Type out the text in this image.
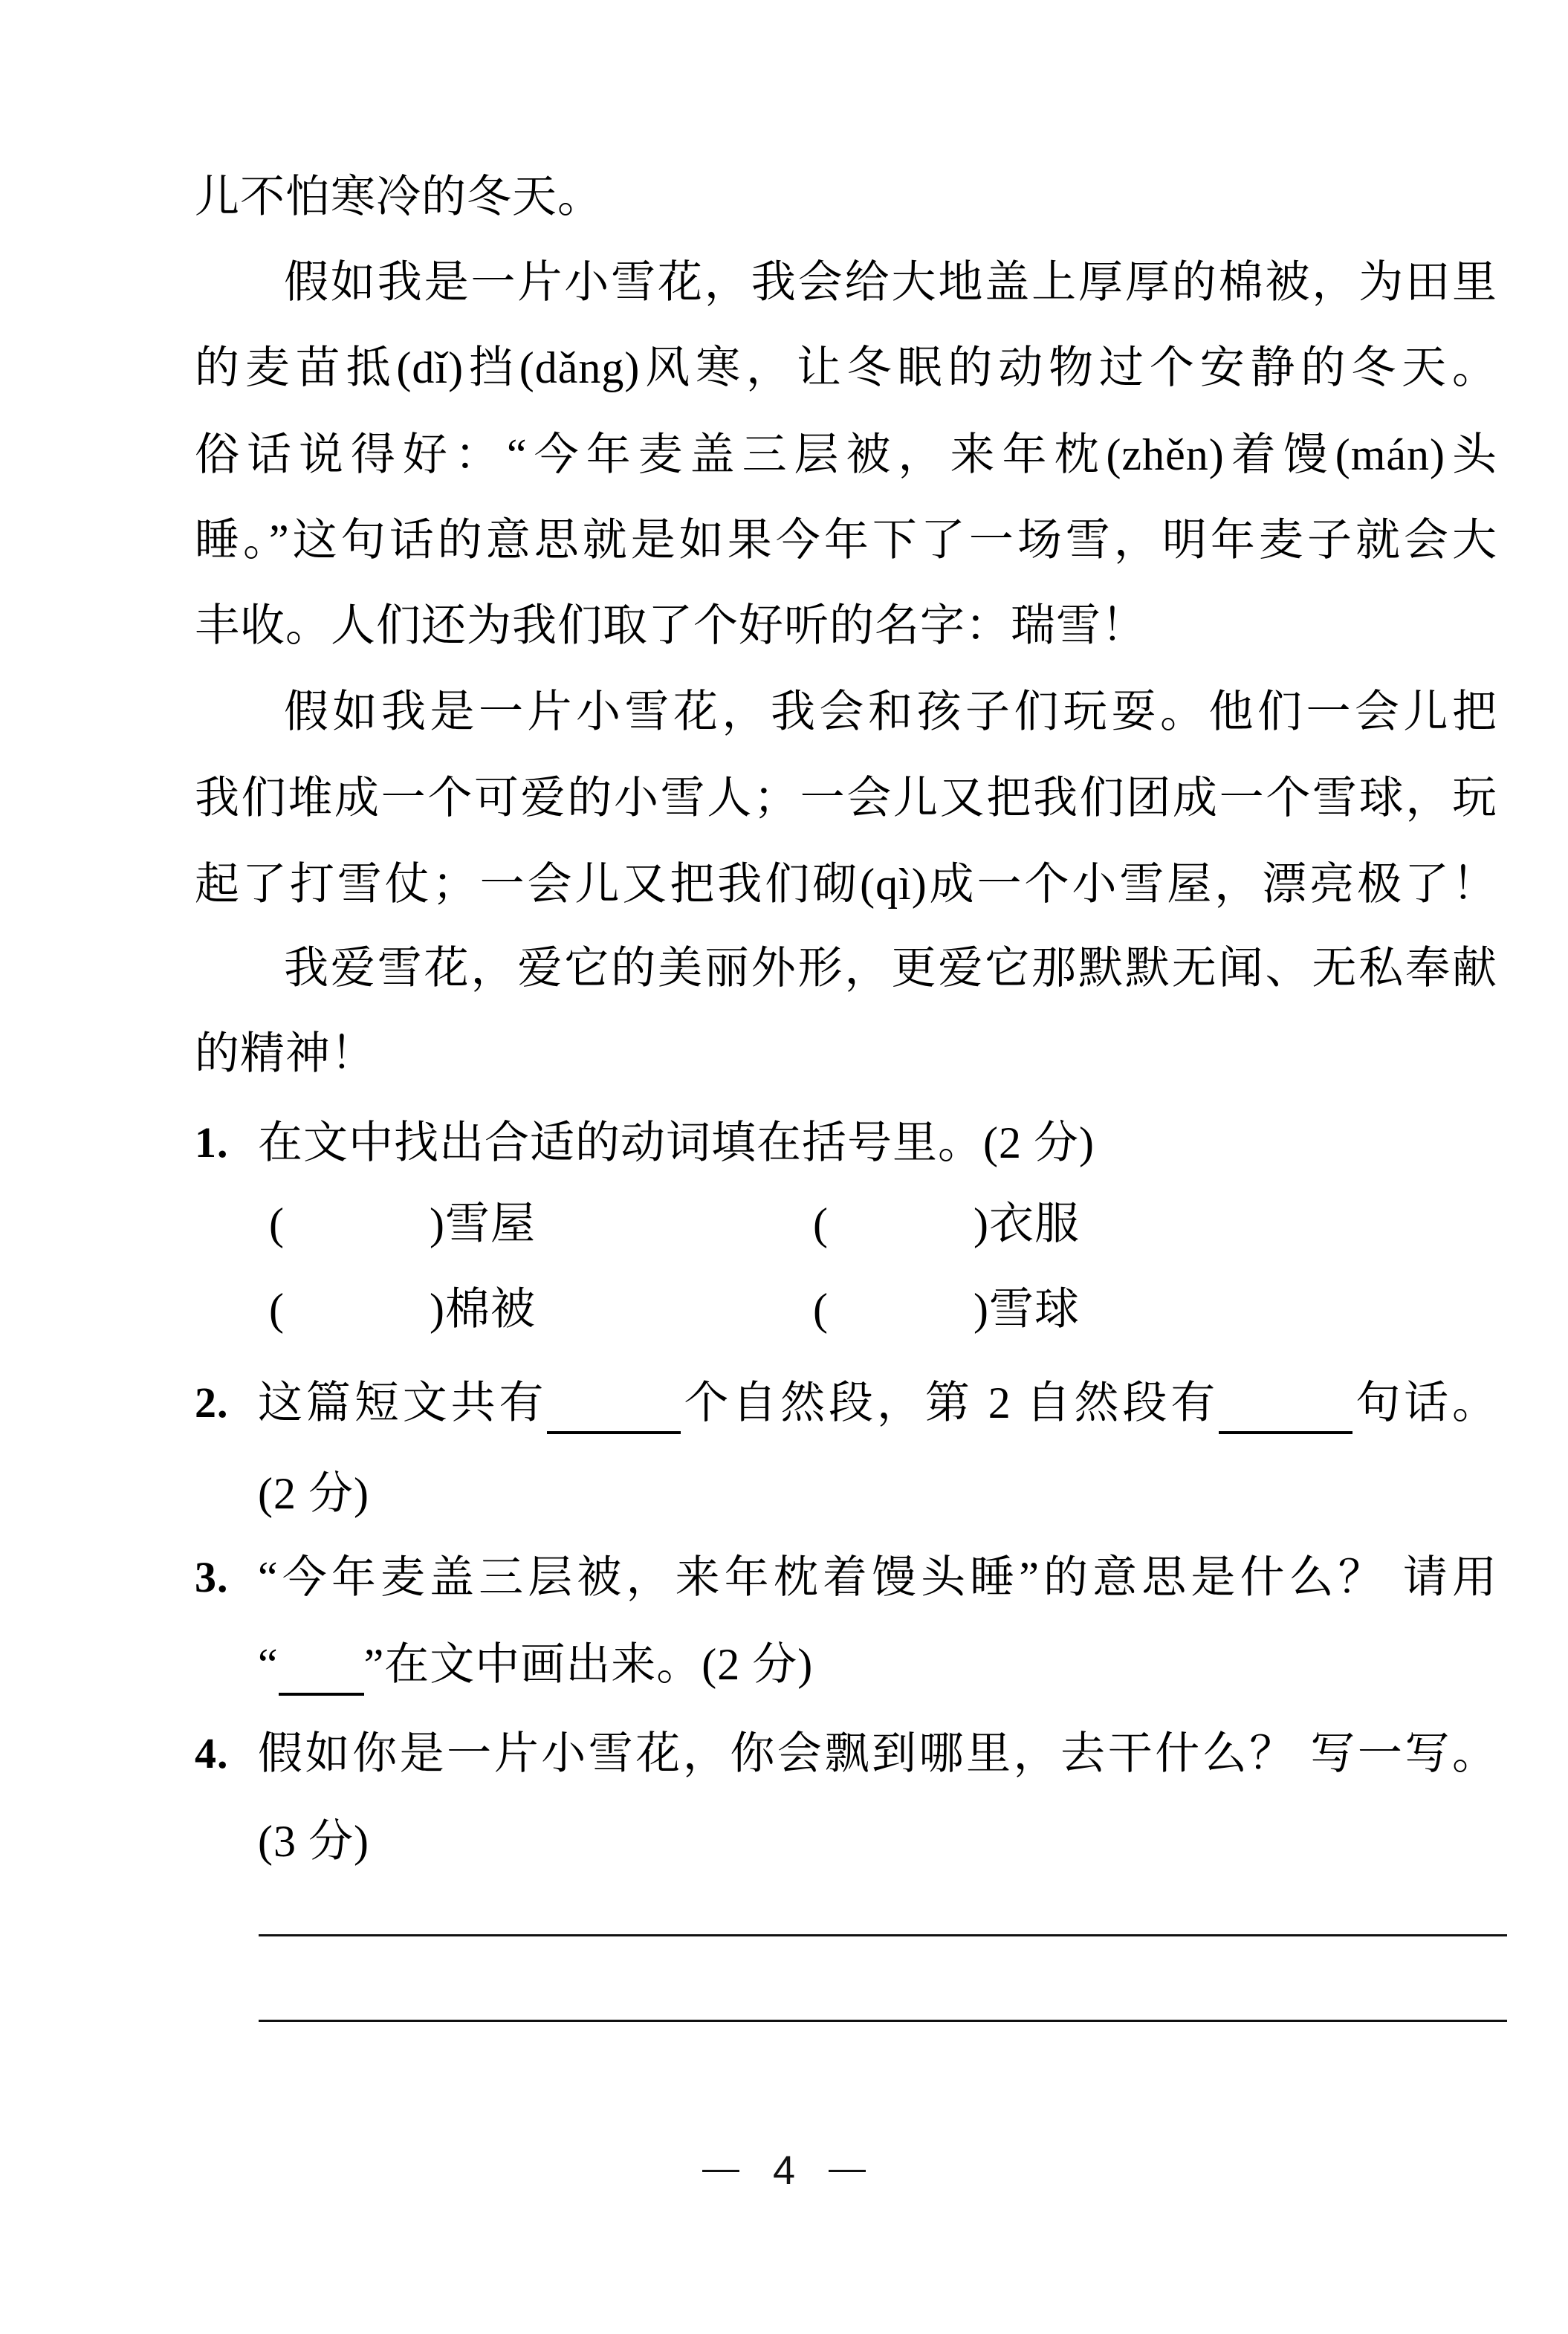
儿不怕寒冷的冬天。
假如我是一片小雪花，我会给大地盖上厚厚的棉被，为田里
的麦苗抵(dǐ)挡(dǎng)风寒，让冬眠的动物过个安静的冬天。
俗话说得好：“今年麦盖三层被，来年枕(zhěn)着馒(mán)头
睡。”这句话的意思就是如果今年下了一场雪，明年麦子就会大
丰收。人们还为我们取了个好听的名字：瑞雪！
假如我是一片小雪花，我会和孩子们玩耍。他们一会儿把
我们堆成一个可爱的小雪人；一会儿又把我们团成一个雪球，玩
起了打雪仗；一会儿又把我们砌(qì)成一个小雪屋，漂亮极了！
我爱雪花，爱它的美丽外形，更爱它那默默无闻、无私奉献
的精神！
1. 在文中找出合适的动词填在括号里。(2 分)
(	)雪屋	(	)衣服
(	)棉被	(	)雪球
2. 这篇短文共有	个自然段，第 2 自然段有	句话。
(2 分)
3. “今年麦盖三层被，来年枕着馒头睡”的意思是什么？ 请用
“ ”在文中画出来。(2 分)
4. 假如你是一片小雪花，你会飘到哪里，去干什么？ 写一写。
(3 分)
4
